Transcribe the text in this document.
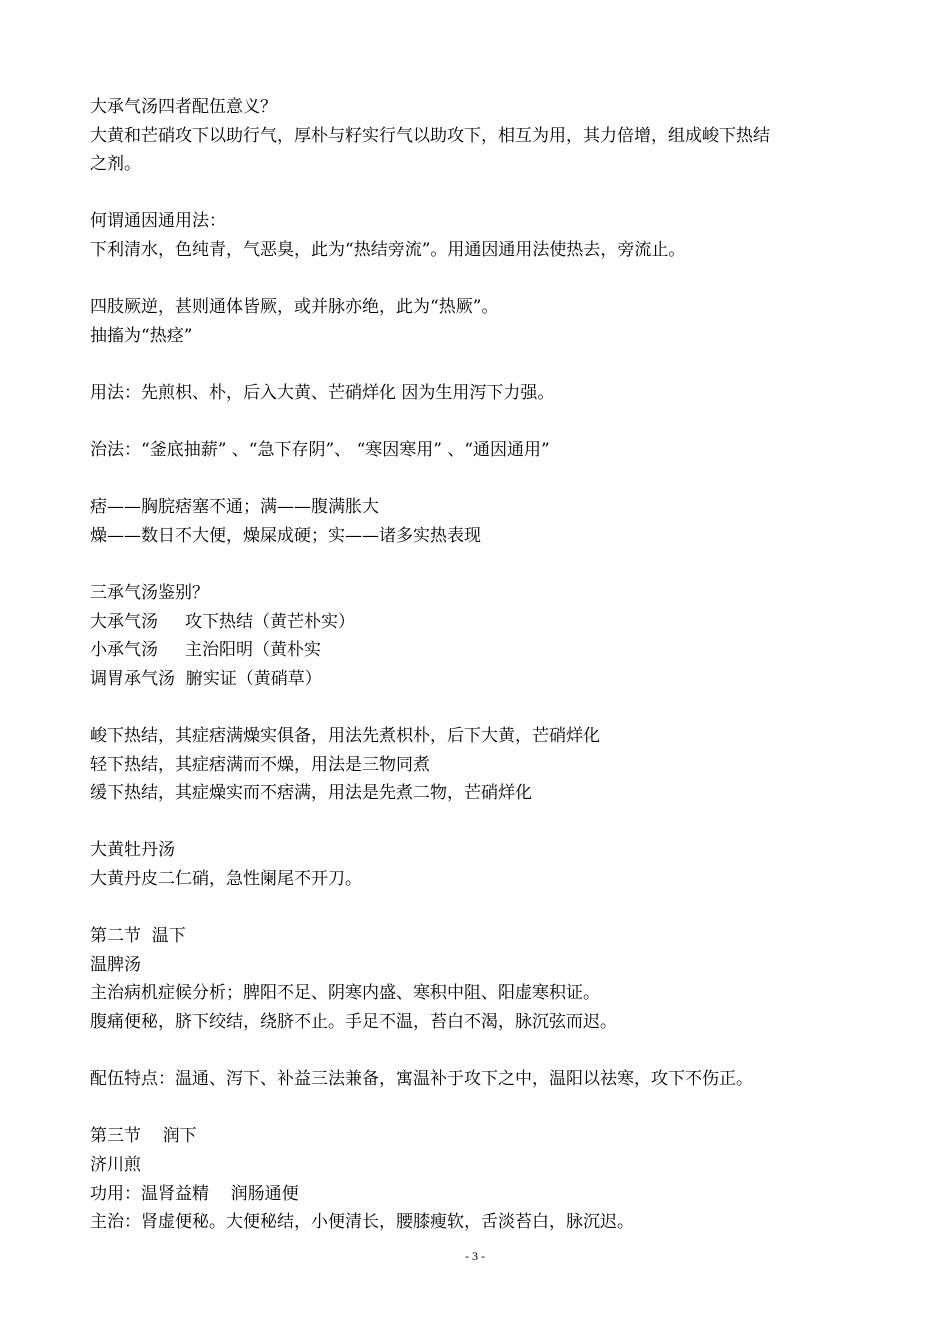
大承气汤四者配伍意义？
大黄和芒硝攻下以助行气，厚朴与籽实行气以助攻下，相互为用，其力倍增，组成峻下热结
之剂。
何谓通因通用法：
下利清水，色纯青，气恶臭，此为“热结旁流”。用通因通用法使热去，旁流止。
四肢厥逆，甚则通体皆厥，或并脉亦绝，此为“热厥”。
抽搐为“热痉”
用法：先煎枳、朴，后入大黄、芒硝烊化 因为生用泻下力强。
治法：“釜底抽薪” 、“急下存阴”、 “寒因寒用” 、“通因通用”
痞——胸脘痞塞不通；满——腹满胀大
燥——数日不大便，燥屎成硬；实——诸多实热表现
三承气汤鉴别？
大承气汤     攻下热结（黄芒朴实）
小承气汤     主治阳明（黄朴实
调胃承气汤  腑实证（黄硝草）
峻下热结，其症痞满燥实俱备，用法先煮枳朴，后下大黄，芒硝烊化
轻下热结，其症痞满而不燥，用法是三物同煮
缓下热结，其症燥实而不痞满，用法是先煮二物，芒硝烊化
大黄牡丹汤
大黄丹皮二仁硝，急性阑尾不开刀。
第二节  温下
温脾汤
主治病机症候分析；脾阳不足、阴寒内盛、寒积中阻、阳虚寒积证。
腹痛便秘，脐下绞结，绕脐不止。手足不温，苔白不渴，脉沉弦而迟。
配伍特点：温通、泻下、补益三法兼备，寓温补于攻下之中，温阳以祛寒，攻下不伤正。
第三节    润下
济川煎
功用：温肾益精    润肠通便
主治：肾虚便秘。大便秘结，小便清长，腰膝瘦软，舌淡苔白，脉沉迟。
- 3 -
